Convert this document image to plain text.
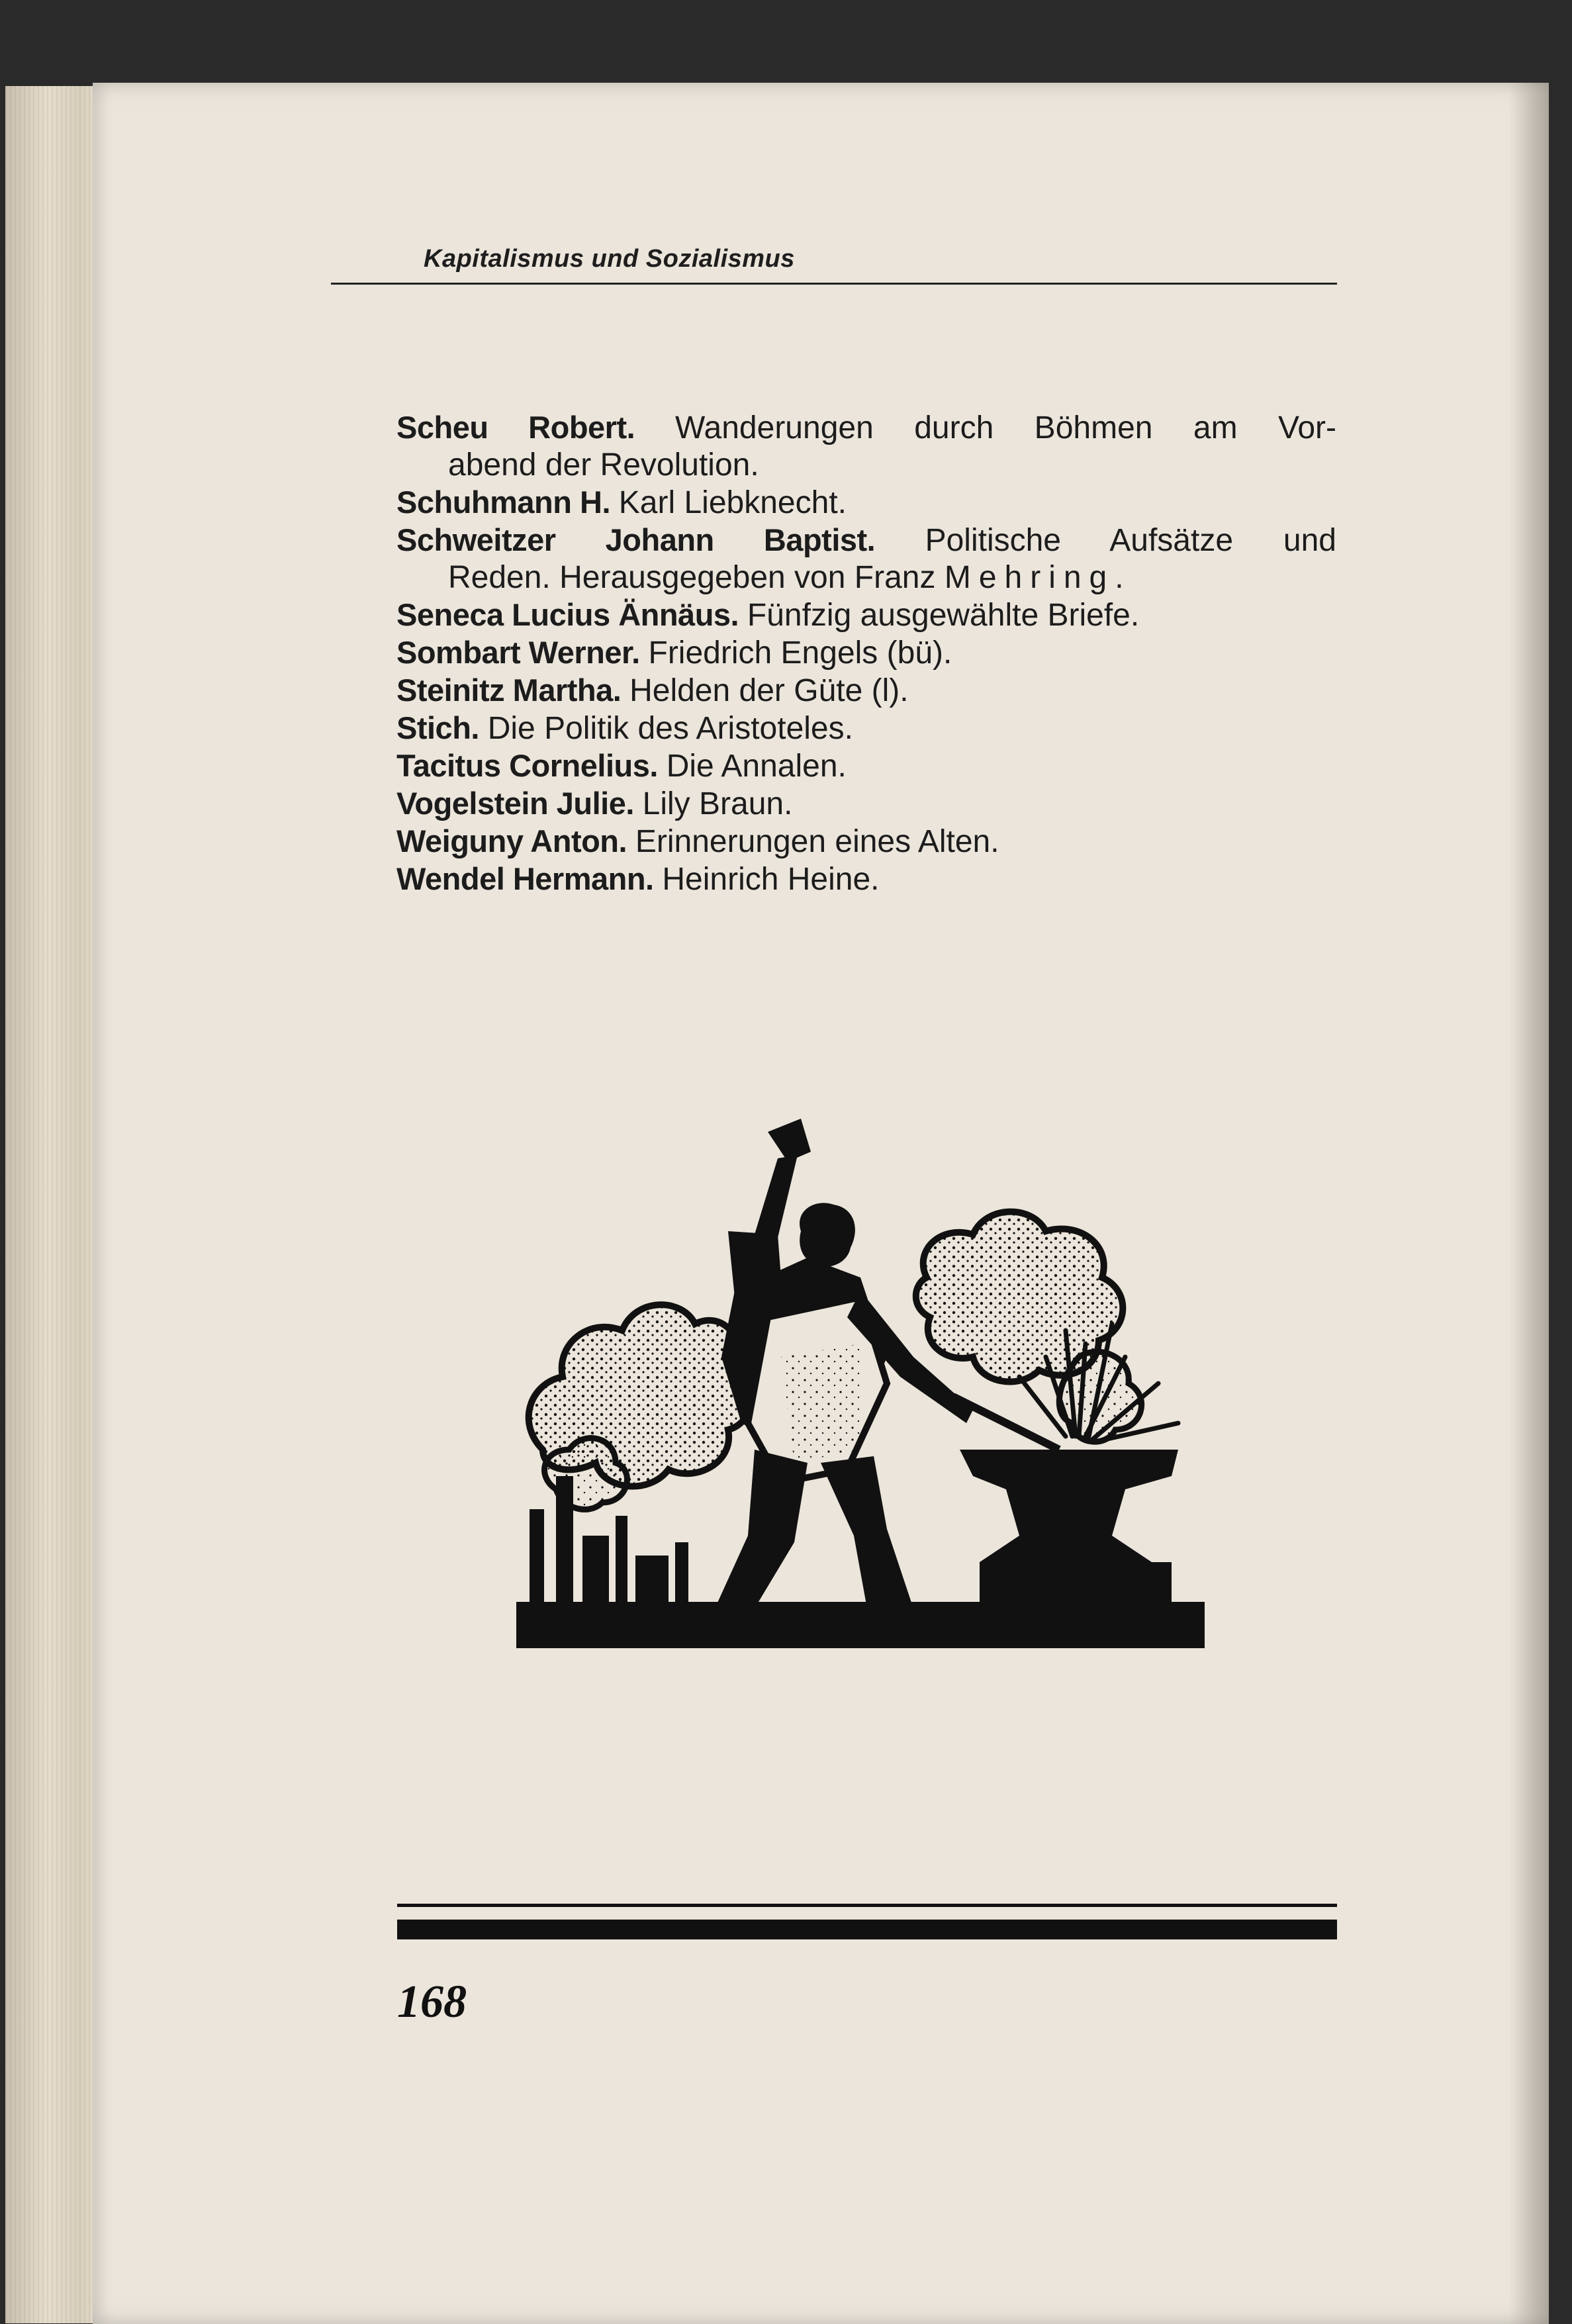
Kapitalismus und Sozialismus

Scheu Robert. Wanderungen durch Böhmen am Vor-
abend der Revolution.

Schuhmann H. Karl Liebknecht.

Schweitzer Johann Baptist. Politische Aufsätze und
Reden. Herausgegeben von Franz Mehring.

Seneca Lucius Ännäus. Fünfzig ausgewählte Briefe.

Sombart Werner. Friedrich Engels (bü).

Steinitz Martha. Helden der Güte (l).

Stich. Die Politik des Aristoteles.

Tacitus Cornelius. Die Annalen.

Vogelstein Julie. Lily Braun.

Weiguny Anton. Erinnerungen eines Alten.

Wendel Hermann. Heinrich Heine.

168
